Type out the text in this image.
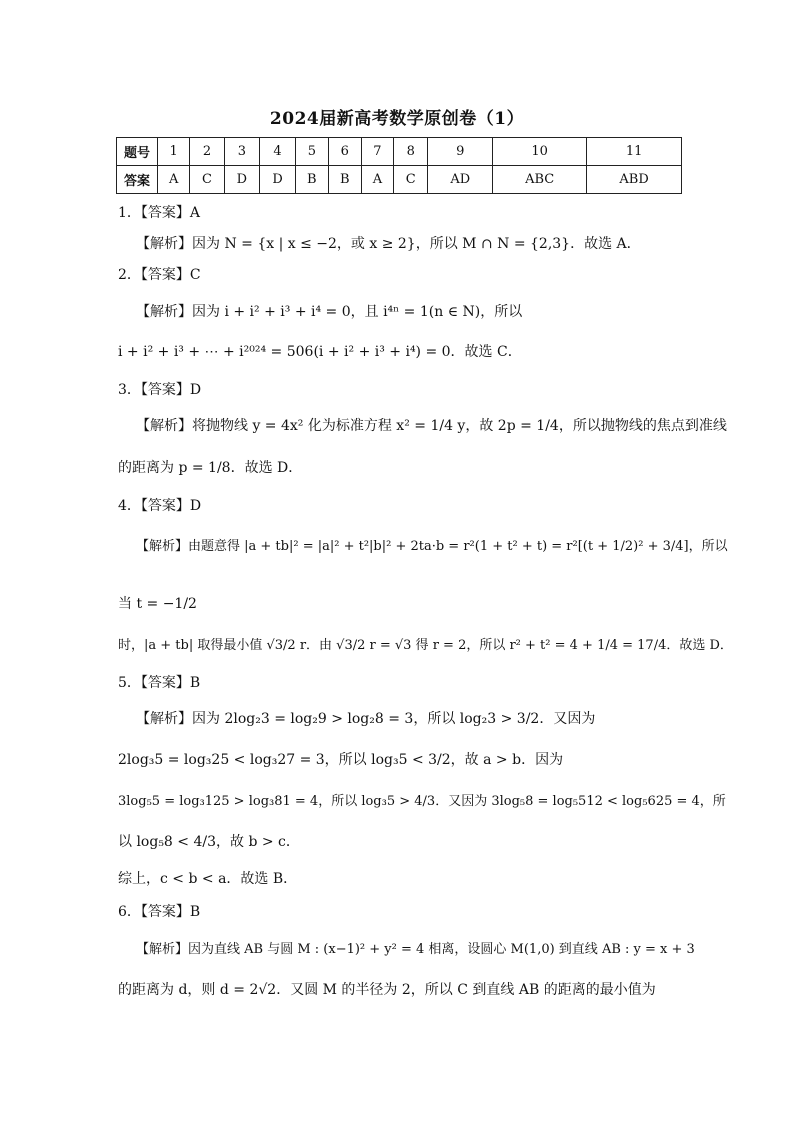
2024届新高考数学原创卷（1）
题号	1	2	3	4	5	6	7	8	9	10	11
答案	A	C	D	D	B	B	A	C	AD	ABC	ABD
1．【答案】A
【解析】因为 N = {x | x ≤ −2，或 x ≥ 2}，所以 M ∩ N = {2,3}．故选 A．
2．【答案】C
【解析】因为 i + i² + i³ + i⁴ = 0，且 i⁴ⁿ = 1(n ∈ N)，所以
i + i² + i³ + ⋯ + i²⁰²⁴ = 506(i + i² + i³ + i⁴) = 0．故选 C．
3．【答案】D
【解析】将抛物线 y = 4x² 化为标准方程 x² = 1/4 y，故 2p = 1/4，所以抛物线的焦点到准线
的距离为 p = 1/8．故选 D．
4．【答案】D
【解析】由题意得 |a + tb|² = |a|² + t²|b|² + 2ta·b = r²(1 + t² + t) = r²[(t + 1/2)² + 3/4]，所以
当 t = −1/2
时，|a + tb| 取得最小值 √3/2 r．由 √3/2 r = √3 得 r = 2，所以 r² + t² = 4 + 1/4 = 17/4．故选 D．
5．【答案】B
【解析】因为 2log₂3 = log₂9 > log₂8 = 3，所以 log₂3 > 3/2．又因为
2log₃5 = log₃25 < log₃27 = 3，所以 log₃5 < 3/2，故 a > b．因为
3log₅5 = log₃125 > log₃81 = 4，所以 log₃5 > 4/3．又因为 3log₅8 = log₅512 < log₅625 = 4，所
以 log₅8 < 4/3，故 b > c．
综上，c < b < a．故选 B．
6．【答案】B
【解析】因为直线 AB 与圆 M : (x−1)² + y² = 4 相离，设圆心 M(1,0) 到直线 AB : y = x + 3
的距离为 d，则 d = 2√2．又圆 M 的半径为 2，所以 C 到直线 AB 的距离的最小值为
